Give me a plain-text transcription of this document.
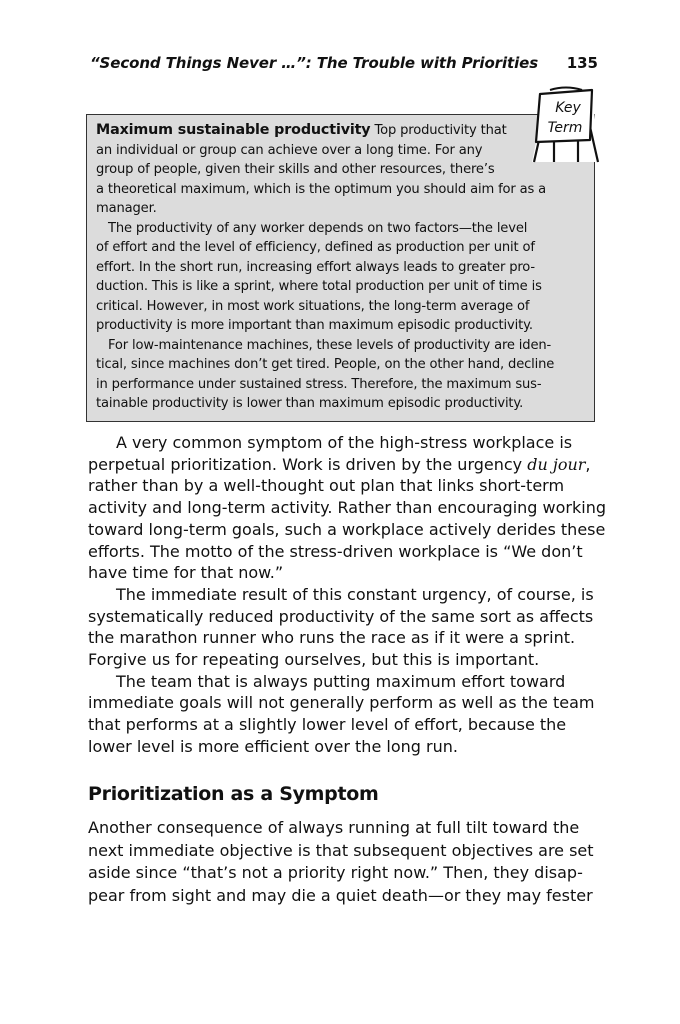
“Second Things Never …”: The Trouble with Priorities 135

Maximum sustainable productivity Top productivity that
an individual or group can achieve over a long time. For any
group of people, given their skills and other resources, there’s
a theoretical maximum, which is the optimum you should aim for as a
manager.

The productivity of any worker depends on two factors—the level
of effort and the level of efficiency, defined as production per unit of
effort. In the short run, increasing effort always leads to greater pro-
duction. This is like a sprint, where total production per unit of time is
critical. However, in most work situations, the long-term average of
productivity is more important than maximum episodic productivity.

For low-maintenance machines, these levels of productivity are iden-
tical, since machines don’t get tired. People, on the other hand, decline
in performance under sustained stress. Therefore, the maximum sus-
tainable productivity is lower than maximum episodic productivity.

Key
Term
A very common symptom of the high-stress workplace is
perpetual prioritization. Work is driven by the urgency du jour,
rather than by a well-thought out plan that links short-term
activity and long-term activity. Rather than encouraging working
toward long-term goals, such a workplace actively derides these
efforts. The motto of the stress-driven workplace is “We don’t
have time for that now.”
The immediate result of this constant urgency, of course, is
systematically reduced productivity of the same sort as affects
the marathon runner who runs the race as if it were a sprint.
Forgive us for repeating ourselves, but this is important.
The team that is always putting maximum effort toward
immediate goals will not generally perform as well as the team
that performs at a slightly lower level of effort, because the
lower level is more efficient over the long run.
Prioritization as a Symptom
Another consequence of always running at full tilt toward the
next immediate objective is that subsequent objectives are set
aside since “that’s not a priority right now.” Then, they disap-
pear from sight and may die a quiet death—or they may fester
